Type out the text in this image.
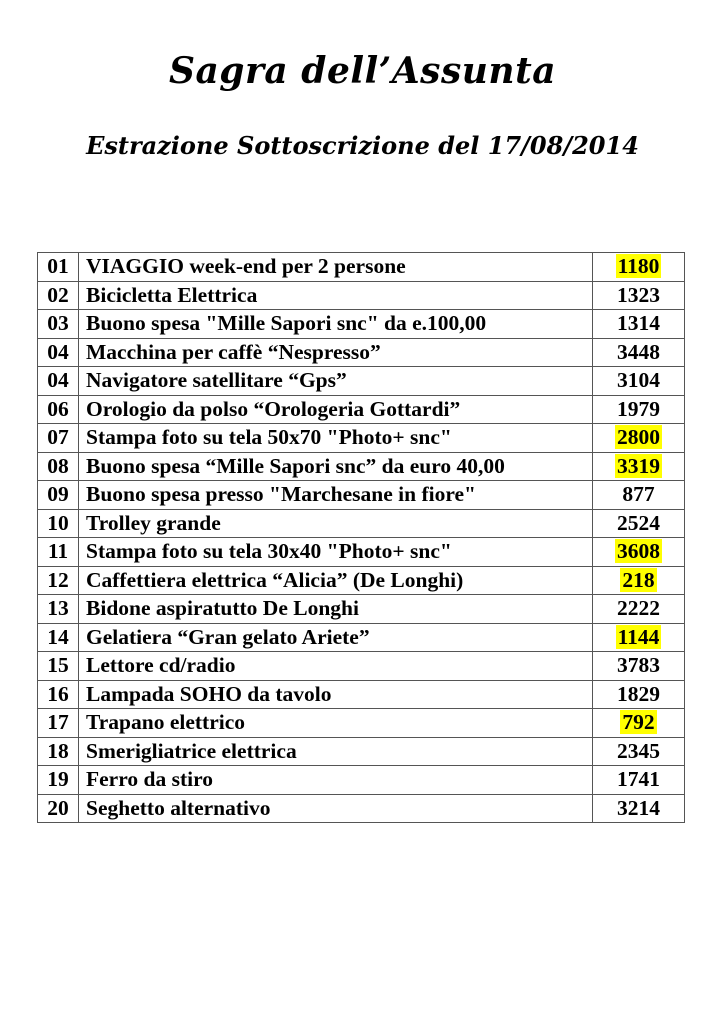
Sagra dell’Assunta
Estrazione Sottoscrizione del 17/08/2014
01	VIAGGIO week-end per 2 persone	1180
02	Bicicletta Elettrica	1323
03	Buono spesa "Mille Sapori snc" da e.100,00	1314
04	Macchina per caffè “Nespresso”	3448
04	Navigatore satellitare “Gps”	3104
06	Orologio da polso “Orologeria Gottardi”	1979
07	Stampa foto su tela 50x70 "Photo+ snc"	2800
08	Buono spesa “Mille Sapori snc” da euro 40,00	3319
09	Buono spesa presso "Marchesane in fiore"	877
10	Trolley grande	2524
11	Stampa foto su tela 30x40 "Photo+ snc"	3608
12	Caffettiera elettrica “Alicia” (De Longhi)	218
13	Bidone aspiratutto De Longhi	2222
14	Gelatiera “Gran gelato Ariete”	1144
15	Lettore cd/radio	3783
16	Lampada SOHO da tavolo	1829
17	Trapano elettrico	792
18	Smerigliatrice elettrica	2345
19	Ferro da stiro	1741
20	Seghetto alternativo	3214
